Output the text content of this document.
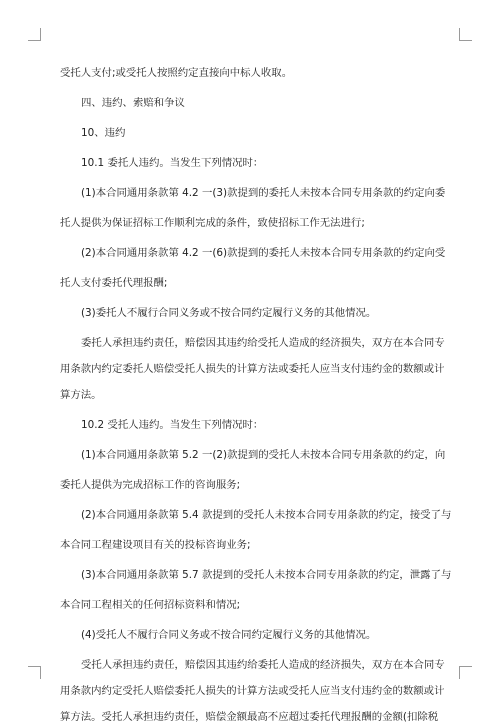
受托人支付;或受托人按照约定直接向中标人收取。
四、违约、索赔和争议
10、违约
10.1 委托人违约。当发生下列情况时：
(1)本合同通用条款第 4.2 一(3)款提到的委托人未按本合同专用条款的约定向委
托人提供为保证招标工作顺利完成的条件，致使招标工作无法进行;
(2)本合同通用条款第 4.2 一(6)款提到的委托人未按本合同专用条款的约定向受
托人支付委托代理报酬;
(3)委托人不履行合同义务或不按合同约定履行义务的其他情况。
委托人承担违约责任，赔偿因其违约给受托人造成的经济损失，双方在本合同专
用条款内约定委托人赔偿受托人损失的计算方法或委托人应当支付违约金的数额或计
算方法。
10.2 受托人违约。当发生下列情况时：
(1)本合同通用条款第 5.2 一(2)款提到的受托人未按本合同专用条款的约定，向
委托人提供为完成招标工作的咨询服务;
(2)本合同通用条款第 5.4 款提到的受托人未按本合同专用条款的约定，接受了与
本合同工程建设项目有关的投标咨询业务;
(3)本合同通用条款第 5.7 款提到的受托人未按本合同专用条款的约定，泄露了与
本合同工程相关的任何招标资料和情况;
(4)受托人不履行合同义务或不按合同约定履行义务的其他情况。
受托人承担违约责任，赔偿因其违约给委托人造成的经济损失，双方在本合同专
用条款内约定受托人赔偿委托人损失的计算方法或受托人应当支付违约金的数额或计
算方法。受托人承担违约责任，赔偿金额最高不应超过委托代理报酬的金额(扣除税
